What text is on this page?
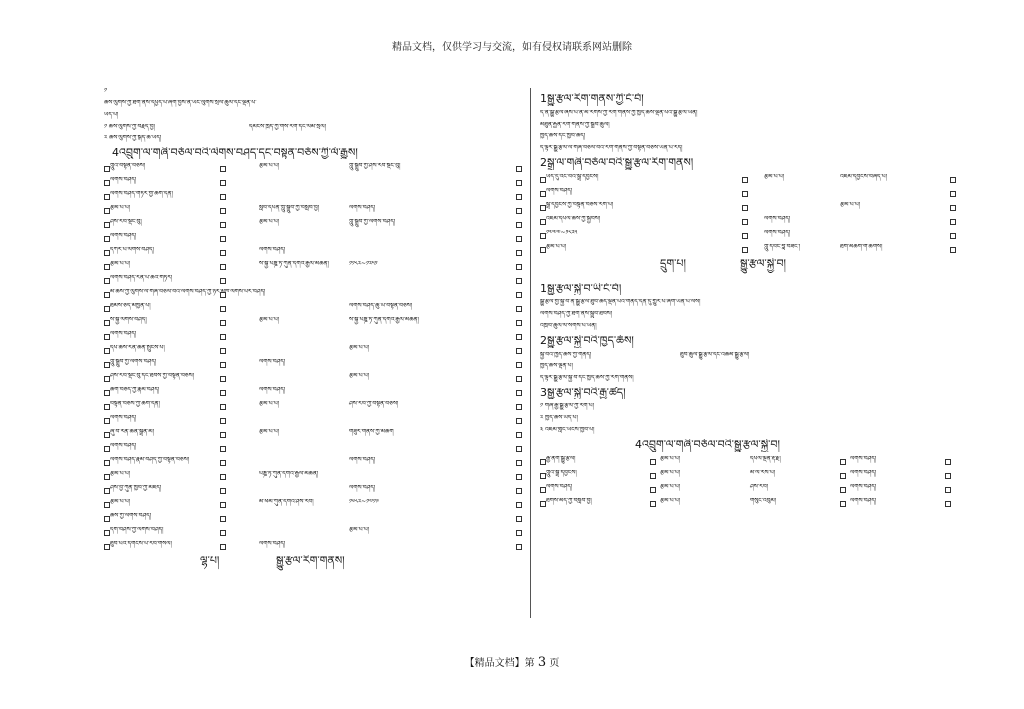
精品文档，仅供学习与交流，如有侵权请联系网站删除
༡
ཆོས་ལུགས་ཀྱི་ཐོག་ནས་དཔྱད་པ་ཞིག་བྱས་ན་ཡང་ལུགས་སྲོལ་ཚུལ་དང་ལྡན་པ་
ཡོད་པ།
༡ ཆོས་ལུགས་ཀྱི་བརྗོད་བྱ།	དམངས་ཁྲོད་ཀྱི་གསོ་རིག་དང་ལམ་སྲོལ།
༢ ཆོས་ལུགས་ཀྱི་སྐད་ཆ་ཡོད།
4འབྲུག་ལ་གཞི་བཅོལ་བའི་ལེགས་བཤད་དང་བསྟན་བཅོས་ཀྱི་ལོ་རྒྱུས།
ཀླུའི་བསྟན་བཅོས།	རྩོམ་པ་པོ།	ཀླུ་སྒྲུབ་ཀྱི་ཤེས་རབ་སྡོང་བུ།
ལེགས་བཤད།
ལེགས་བཤད་གཏེར་གྱི་ཚིག་དོན།
རྩོམ་པ་པོ།	སློབ་དཔོན་ཀླུ་སྒྲུབ་ཀྱི་བསླབ་བྱ།	ལེགས་བཤད།
ཤེས་རབ་སྡོང་བུ།	རྩོམ་པ་པོ།	ཀླུ་སྒྲུབ་ཀྱི་ལེགས་བཤད།
ལེགས་བཤད།
དཀར་པོ་ལེགས་བཤད།	ལེགས་བཤད།
རྩོམ་པ་པོ།	ས་སྐྱ་པཎྜི་ཏ་ཀུན་དགའ་རྒྱལ་མཚན།	༡༡༨༢~༡༢༥༡
ལེགས་བཤད་རིན་པོ་ཆེའི་གཏེར།
མི་ཆོས་ཀྱི་ལུགས་ལ་གཞི་བཅོལ་བའི་ལེགས་བཤད་ཀྱི་ཉེར་མཁོ་ལེགས་པར་བཤད།
ཐམས་ཅད་མཁྱེན་པ།	ལེགས་བཤད་ཆུ་ཡི་བསྟན་བཅོས།
ས་སྐྱ་ལེགས་བཤད།	རྩོམ་པ་པོ།	ས་སྐྱ་པཎྜི་ཏ་ཀུན་དགའ་རྒྱལ་མཚན།
ལེགས་བཤད།
དཔེ་ཆོས་རིན་ཆེན་སྤུངས་པ།	རྩོམ་པ་པོ།
ཀླུ་སྒྲུབ་ཀྱི་ལེགས་བཤད།	ལེགས་བཤད།
ཤེས་རབ་སྡོང་བུ་དང་ཐབས་ཀྱི་བསྟན་བཅོས།	རྩོམ་པ་པོ།
ཚིག་བཅད་ཀྱི་རྣམ་བཤད།	ལེགས་བཤད།
བསྟན་བཅོས་ཀྱི་ཚིག་དོན།	རྩོམ་པ་པོ།	ཤེས་རབ་ཀྱི་བསྟན་བཅོས།
ལེགས་བཤད།
ཞུ་བ་རིན་ཆེན་སྒྲོན་མེ།	རྩོམ་པ་པོ།	གཟུར་གནས་ཀྱི་མཆོག
ལེགས་བཤད།
ལེགས་བཤད་རྣམ་བཤད་ཀྱི་བསྟན་བཅོས།	ལེགས་བཤད།
རྩོམ་པ་པོ།	པཎྜི་ཏ་ཀུན་དགའ་རྒྱལ་མཚན།
ཤེས་བྱ་ཀུན་ཁྱབ་ཀྱི་མཛོད།	ལེགས་བཤད།
རྩོམ་པ་པོ།	མི་ཕམ་ཀུན་དགའ་ཤེས་རབ།	༡༦༨༢~༡༧༡༩
ཆོས་ཀྱི་ལེགས་བཤད།
དགེ་བཤེས་ཀྱི་ལེགས་བཤད།	རྩོམ་པ་པོ།
ཐུབ་པའི་དགོངས་པ་རབ་གསལ།	ལེགས་བཤད།
ལྷ་པ།	སྒྱུ་རྩལ་རིག་གནས།
1སྒྱུ་རྩལ་རིག་གནས་ཀྱི་ངོ་བོ།
དེ་ནི་སྒྱུ་རྩལ་ཞེས་པ་ནི་མི་རིགས་ཀྱི་རིག་གནས་ཀྱི་ཁྱད་ཆོས་ལྡན་པའི་སྒྱུ་རྩལ་ཡིན།
མཐུན་རྐྱེན་རིག་གནས་ཀྱི་སྒྲུབ་ཚུལ།
ཁྱད་ཆོས་དང་ཁྱབ་ཚད།
དེ་ལྟར་སྒྱུ་རྩལ་ལ་གཞི་བཅོལ་བའི་རིག་གནས་ཀྱི་བསྟན་བཅོས་ཡིན་པ་རེད།
2སྒྲ་ལ་གཞི་བཅོལ་བའི་སྒྱུ་རྩལ་རིག་གནས།
ཡིད་དུ་འོང་བའི་སྒྲ་དབྱངས།	རྩོམ་པ་པོ།	འཇམ་དབྱངས་བཞད་པ།
ལེགས་བཤད།
སྒྲ་དབྱངས་ཀྱི་བསྟན་བཅོས་རིག་པ།	རྩོམ་པ་པོ།
འཇམ་དཔལ་ཆོས་ཀྱི་སྐྱབས།	ལེགས་བཤད།
༡༧༧༧~༡༨༢༥	ལེགས་བཤད།
རྩོམ་པ་པོ།	ཀླུ་དབང་བློ་བཟང་།	ཐེག་མཆོག་གི་ཚོགས།
དྲུག་པ།	སྒྱུ་རྩལ་སྐྱེ་བ།
1སྒྱུ་རྩལ་སྐྱེ་བ་ཡི་ངོ་བོ།
སྒྱུ་རྩལ་གྱི་སྐྱེ་བ་ནི་སྒྱུ་རྩལ་ཐུབ་ཚད་ལྡན་པའི་གནད་དོན་དུ་གྱུར་པ་ཞིག་ཡིན་པ་ལས།
ལེགས་བཤད་ཀྱི་ཐོག་ནས་སྒྲུབ་ཐབས།
འཁྲབ་ཚུལ་ལ་སོགས་པ་ཡིན།
2སྒྱུ་རྩལ་སྐྱེ་བའི་ཁྱད་ཆོས།
སྐྱེ་བའི་ཁྱད་ཆོས་ཀྱི་གནད།	ཐུབ་ཚུལ་སྒྱུ་རྩལ་དང་འཆམ་སྒྱུ་རྩལ།
ཁྱད་ཆོས་ལྡན་པ།
དེ་ལྟར་སྒྱུ་རྩལ་སྐྱེ་བ་དང་ཁྱད་ཆོས་ཀྱི་རིག་གནས།
3སྒྱུ་རྩལ་སྐྱེ་བའི་རྒྱ་ཚད།
༡ གཞི་རྒྱ་སྒྱུ་རྩལ་ཀྱི་རིག་པ།
༢ ཁྱད་ཆོས་ཡོད་པ།
༣ འཛམ་གླིང་ཡོངས་ཁྱབ་པ།
4འབྲུག་ལ་གཞི་བཅོལ་བའི་སྒྱུ་རྩལ་སྐྱེ་བ།
རྒྱ་ནག་སྒྱུ་རྩལ།	རྩོམ་པ་པོ།	དཔལ་ལྡན་རྡོ་རྗེ།	ལེགས་བཤད།
ཀླུའི་སྒྲ་དབྱངས།	རྩོམ་པ་པོ།	མི་ལ་རས་པ།	ལེགས་བཤད།
ལེགས་བཤད།	རྩོམ་པ་པོ།	ཤེས་རབ།	ལེགས་བཤད།
ཐོགས་མེད་ཀྱི་བསླབ་བྱ།	རྩོམ་པ་པོ།	གསུང་འབུམ།	ལེགས་བཤད།
【精品文档】第 3 页
